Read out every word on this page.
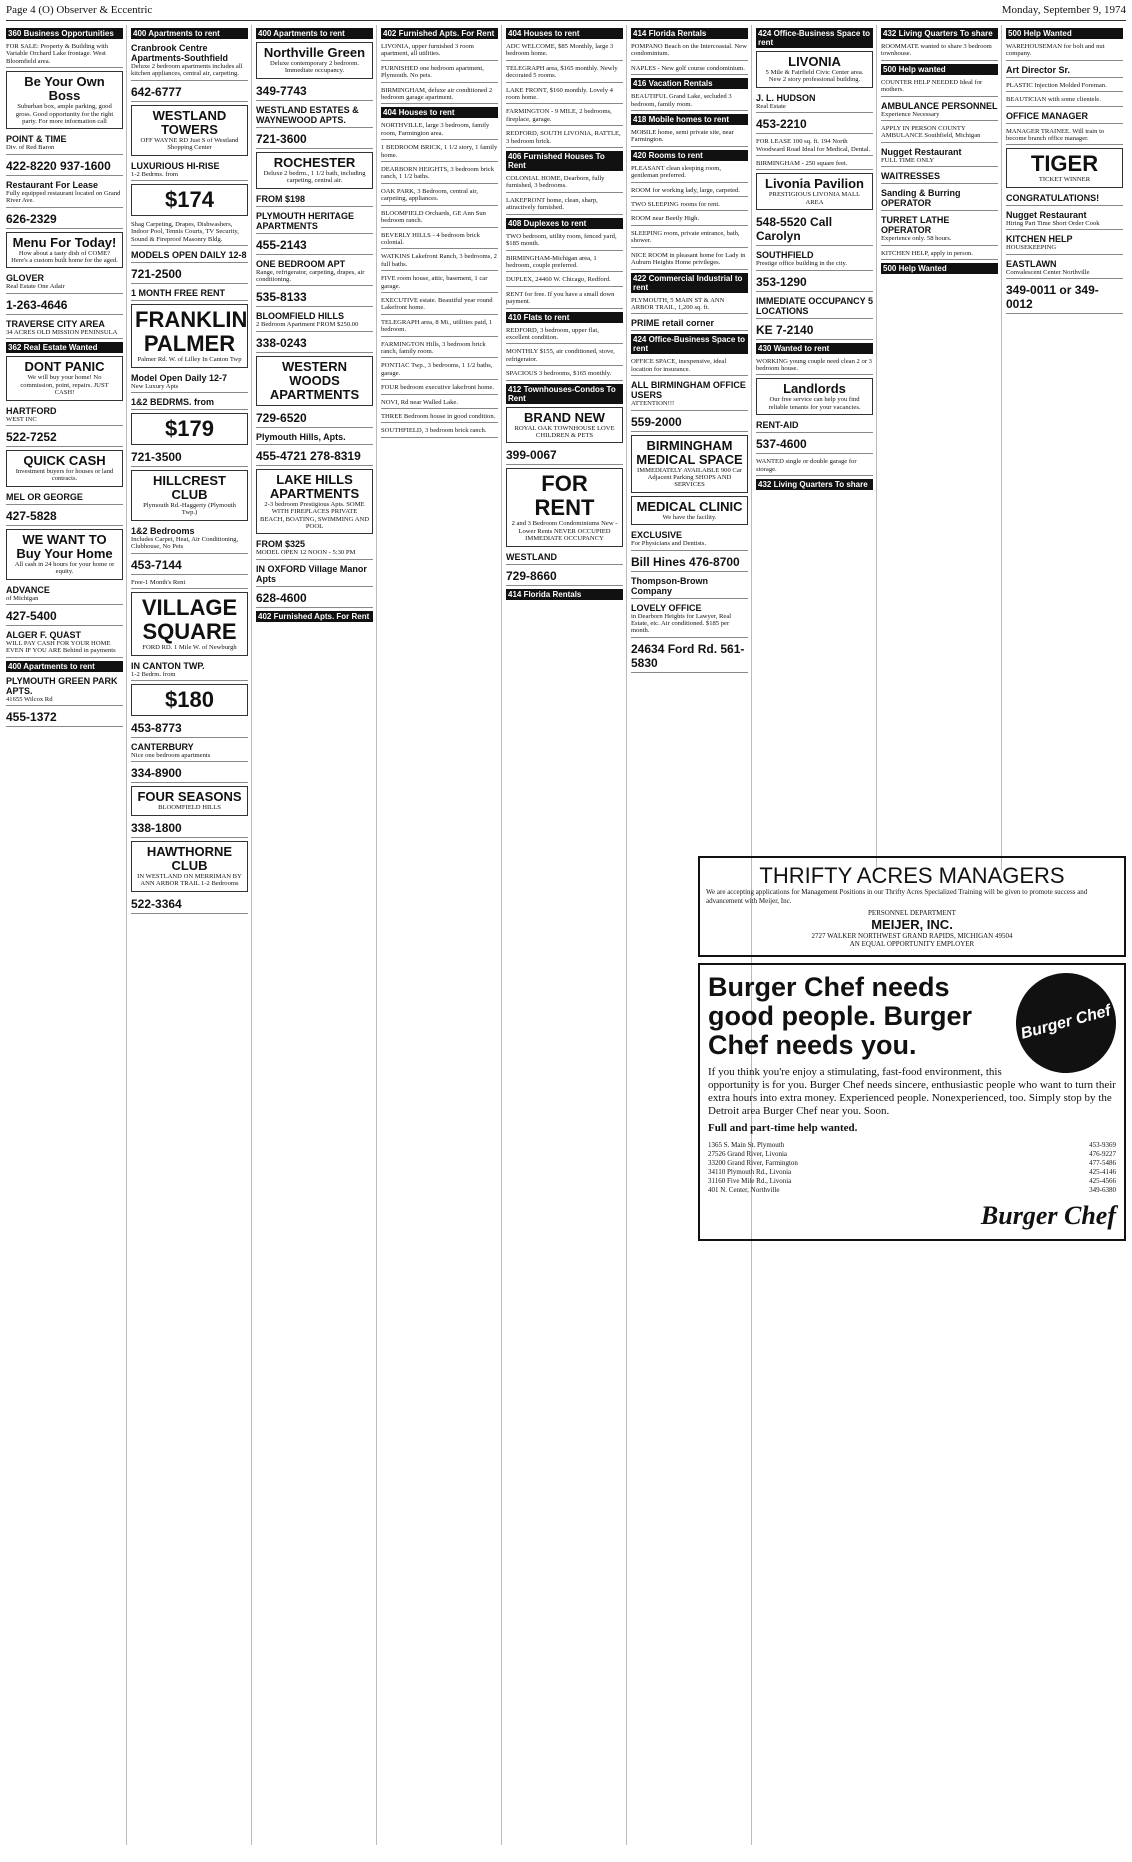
Page 4 (O) Observer & Eccentric	Monday, September 9, 1974
360 Business Opportunities
FOR SALE: Property & Building with Variable Orchard Lake frontage. West Bloomfield area.
Be Your Own Boss
Suburban box, ample parking, good gross. Good opportunity for the right party. For more information call
POINT & TIME
Div. of Red Baron
422-8220 937-1600
Restaurant For Lease
Fully equipped restaurant located on Grand River Ave.
626-2329
Menu For Today!
How about a tasty dish of COME? Here's a custom built home for the aged.
GLOVER
Real Estate One Adair
1-263-4646
TRAVERSE CITY AREA
34 ACRES OLD MISSION PENINSULA
362 Real Estate Wanted
DONT PANIC
We will buy your home! No commission, point, repairs. JUST CASH!
HARTFORD
WEST INC
522-7252
QUICK CASH
Investment buyers for houses or land contracts.
MEL OR GEORGE
427-5828
WE WANT TO Buy Your Home
All cash in 24 hours for your home or equity.
ADVANCE
of Michigan
427-5400
ALGER F. QUAST
WILL PAY CASH FOR YOUR HOME EVEN IF YOU ARE Behind in payments
400 Apartments to rent
PLYMOUTH GREEN PARK APTS.
41655 Wilcox Rd
455-1372
400 Apartments to rent
Cranbrook Centre Apartments-Southfield
Deluxe 2 bedroom apartments includes all kitchen appliances, central air, carpeting.
642-6777
WESTLAND TOWERS
OFF WAYNE RD Just S of Westland Shopping Center
LUXURIOUS HI-RISE
1-2 Bedrms. from
$174
Shag Carpeting, Drapes, Dishwashers, Indoor Pool, Tennis Courts, TV Security, Sound & Fireproof Masonry Bldg.
MODELS OPEN DAILY 12-8
721-2500
1 MONTH FREE RENT
FRANKLIN PALMER
Palmer Rd. W. of Lilley In Canton Twp
Model Open Daily 12-7
New Luxury Apts
1&2 BEDRMS. from
$179
721-3500
HILLCREST CLUB
Plymouth Rd.-Haggerty (Plymouth Twp.)
1&2 Bedrooms
Includes Carpet, Heat, Air Conditioning, Clubhouse, No Pets
453-7144
Free-1 Month's Rent
VILLAGE SQUARE
FORD RD. 1 Mile W. of Newburgh
IN CANTON TWP.
1-2 Bedrm. from
$180
453-8773
CANTERBURY
Nice one bedroom apartments
334-8900
FOUR SEASONS
BLOOMFIELD HILLS
338-1800
HAWTHORNE CLUB
IN WESTLAND ON MERRIMAN BY ANN ARBOR TRAIL 1-2 Bedrooms
522-3364
400 Apartments to rent
Northville Green
Deluxe contemporary 2 bedroom. Immediate occupancy.
349-7743
WESTLAND ESTATES & WAYNEWOOD APTS.
721-3600
ROCHESTER
Deluxe 2 bedrm., 1 1/2 bath, including carpeting, central air.
FROM $198
PLYMOUTH HERITAGE APARTMENTS
455-2143
ONE BEDROOM APT
Range, refrigerator, carpeting, drapes, air conditioning.
535-8133
BLOOMFIELD HILLS
2 Bedroom Apartment FROM $250.00
338-0243
WESTERN WOODS APARTMENTS
729-6520
Plymouth Hills, Apts.
455-4721 278-8319
LAKE HILLS APARTMENTS
2-3 bedroom Prestigious Apts. SOME WITH FIREPLACES PRIVATE BEACH, BOATING, SWIMMING AND POOL
FROM $325
MODEL OPEN 12 NOON - 5:30 PM
IN OXFORD Village Manor Apts
628-4600
402 Furnished Apts. For Rent
402 Furnished Apts. For Rent
LIVONIA, upper furnished 3 room apartment, all utilities.
FURNISHED one bedroom apartment, Plymouth. No pets.
BIRMINGHAM, deluxe air conditioned 2 bedroom garage apartment.
404 Houses to rent
NORTHVILLE, large 3 bedroom, family room, Farmington area.
1 BEDROOM BRICK, 1 1/2 story, 1 family home.
DEARBORN HEIGHTS, 3 bedroom brick ranch, 1 1/2 baths.
OAK PARK, 3 Bedroom, central air, carpeting, appliances.
BLOOMFIELD Orchards, GE Ann Sun bedroom ranch.
BEVERLY HILLS - 4 bedroom brick colonial.
WATKINS Lakefront Ranch, 3 bedrooms, 2 full baths.
FIVE room house, attic, basement, 1 car garage.
EXECUTIVE estate. Beautiful year round Lakefront home.
TELEGRAPH area, 8 Mi., utilities paid, 1 bedroom.
FARMINGTON Hills, 3 bedroom brick ranch, family room.
PONTIAC Twp., 3 bedrooms, 1 1/2 baths, garage.
FOUR bedroom executive lakefront home.
NOVI, Rd near Walled Lake.
THREE Bedroom house in good condition.
SOUTHFIELD, 3 bedroom brick ranch.
404 Houses to rent
ADC WELCOME, $85 Monthly, large 3 bedroom home.
TELEGRAPH area, $165 monthly. Newly decorated 5 rooms.
LAKE FRONT, $160 monthly. Lovely 4 room home.
FARMINGTON - 9 MILE, 2 bedrooms, fireplace, garage.
REDFORD, SOUTH LIVONIA, RATTLE, 3 bedroom brick.
406 Furnished Houses To Rent
COLONIAL HOME, Dearborn, fully furnished, 3 bedrooms.
LAKEFRONT home, clean, sharp, attractively furnished.
408 Duplexes to rent
TWO bedroom, utility room, fenced yard, $185 month.
BIRMINGHAM-Michigan area, 1 bedroom, couple preferred.
DUPLEX, 24460 W. Chicago, Redford.
RENT for free. If you have a small down payment.
410 Flats to rent
REDFORD, 3 bedroom, upper flat, excellent condition.
MONTHLY $155, air conditioned, stove, refrigerator.
SPACIOUS 3 bedrooms, $165 monthly.
412 Townhouses-Condos To Rent
BRAND NEW
ROYAL OAK TOWNHOUSE LOVE CHILDREN & PETS
399-0067
FOR RENT
2 and 3 Bedroom Condominiums New - Lower Rents NEVER OCCUPIED IMMEDIATE OCCUPANCY
WESTLAND
729-8660
414 Florida Rentals
414 Florida Rentals
POMPANO Beach on the Intercoastal. New condominium.
NAPLES - New golf course condominium.
416 Vacation Rentals
BEAUTIFUL Grand Lake, secluded 3 bedroom, family room.
418 Mobile homes to rent
MOBILE home, semi private site, near Farmington.
420 Rooms to rent
PLEASANT clean sleeping room, gentleman preferred.
ROOM for working lady, large, carpeted.
TWO SLEEPING rooms for rent.
ROOM near Beetly High.
SLEEPING room, private entrance, bath, shower.
NICE ROOM in pleasant home for Lady in Auburn Heights Home privileges.
422 Commercial Industrial to rent
PLYMOUTH, 5 MAIN ST & ANN ARBOR TRAIL, 1,200 sq. ft.
PRIME retail corner
424 Office-Business Space to rent
OFFICE SPACE, inexpensive, ideal location for insurance.
ALL BIRMINGHAM OFFICE USERS
ATTENTION!!!
559-2000
BIRMINGHAM MEDICAL SPACE
IMMEDIATELY AVAILABLE 900 Car Adjacent Parking SHOPS AND SERVICES
MEDICAL CLINIC
We have the facility.
EXCLUSIVE
For Physicians and Dentists.
Bill Hines 476-8700
Thompson-Brown Company
LOVELY OFFICE
in Dearborn Heights for Lawyer, Real Estate, etc. Air conditioned. $185 per month.
24634 Ford Rd. 561-5830
424 Office-Business Space to rent
LIVONIA
5 Mile & Fairfield Civic Center area. New 2 story professional building.
J. L. HUDSON
Real Estate
453-2210
FOR LEASE 100 sq. ft. 194 North Woodward Road Ideal for Medical, Dental.
BIRMINGHAM - 250 square feet.
Livonia Pavilion
PRESTIGIOUS LIVONIA MALL AREA
548-5520 Call Carolyn
SOUTHFIELD
Prestige office building in the city.
353-1290
IMMEDIATE OCCUPANCY 5 LOCATIONS
KE 7-2140
430 Wanted to rent
WORKING young couple need clean 2 or 3 bedroom house.
Landlords
Our free service can help you find reliable tenants for your vacancies.
RENT-AID
537-4600
WANTED single or double garage for storage.
432 Living Quarters To share
432 Living Quarters To share
ROOMMATE wanted to share 3 bedroom townhouse.
500 Help wanted
COUNTER HELP NEEDED Ideal for mothers.
AMBULANCE PERSONNEL
Experience Necessary
APPLY IN PERSON COUNTY AMBULANCE Southfield, Michigan
Nugget Restaurant
FULL TIME ONLY
WAITRESSES
Sanding & Burring OPERATOR
TURRET LATHE OPERATOR
Experience only. 58 hours.
KITCHEN HELP, apply in person.
500 Help Wanted
500 Help Wanted
WAREHOUSEMAN for bolt and nut company.
Art Director Sr.
PLASTIC Injection Molded Foreman.
BEAUTICIAN with some clientele.
OFFICE MANAGER
MANAGER TRAINEE. Will train to become branch office manager.
TIGER
TICKET WINNER
CONGRATULATIONS!
Nugget Restaurant
Hiring Part Time Short Order Cook
KITCHEN HELP
HOUSEKEEPING
EASTLAWN
Convalescent Center Northville
349-0011 or 349-0012
THRIFTY ACRES MANAGERS
We are accepting applications for Management Positions in our Thrifty Acres Specialized Training will be given to promote success and advancement with Meijer, Inc.
PERSONNEL DEPARTMENT
MEIJER, INC.
2727 WALKER NORTHWEST GRAND RAPIDS, MICHIGAN 49504
AN EQUAL OPPORTUNITY EMPLOYER
Burger Chef
Burger Chef needs good people. Burger Chef needs you.
If you think you're enjoy a stimulating, fast-food environment, this opportunity is for you. Burger Chef needs sincere, enthusiastic people who want to turn their extra hours into extra money. Experienced people. Nonexperienced, too. Simply stop by the Detroit area Burger Chef near you. Soon.
Full and part-time help wanted.
1365 S. Main St. Plymouth
27526 Grand River, Livonia
33200 Grand River, Farmington
34110 Plymouth Rd., Livonia
31160 Five Mile Rd., Livonia
401 N. Center, Northville
453-9369
476-9227
477-5486
425-4146
425-4566
349-6380
Burger Chef
